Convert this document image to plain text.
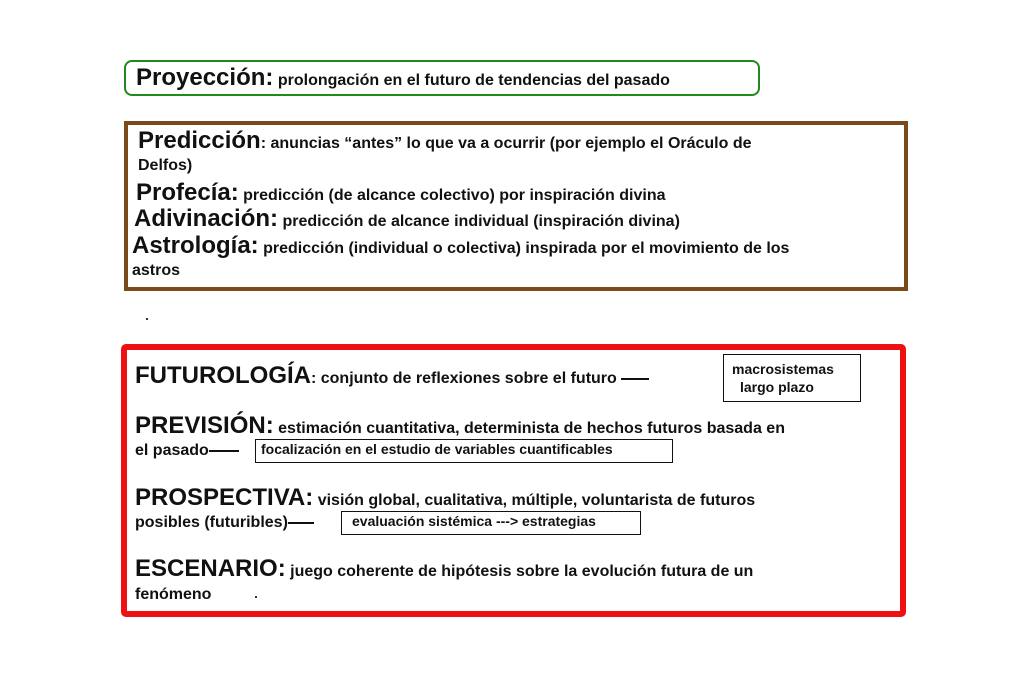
Proyección: prolongación en el futuro de tendencias del pasado
Predicción: anuncias “antes” lo que va a ocurrir (por ejemplo el Oráculo de
Delfos)
Profecía: predicción (de alcance colectivo) por inspiración divina
Adivinación: predicción de alcance individual (inspiración divina)
Astrología: predicción (individual o colectiva) inspirada por el movimiento de los
astros
FUTUROLOGÍA: conjunto de reflexiones sobre el futuro
macrosistemas
largo plazo
PREVISIÓN: estimación cuantitativa, determinista de hechos futuros basada en
el pasado	focalización en el estudio de variables cuantificables
PROSPECTIVA: visión global, cualitativa, múltiple, voluntarista de futuros
posibles (futuribles)	evaluación sistémica ---> estrategias
ESCENARIO: juego coherente de hipótesis sobre la evolución futura de un
fenómeno
